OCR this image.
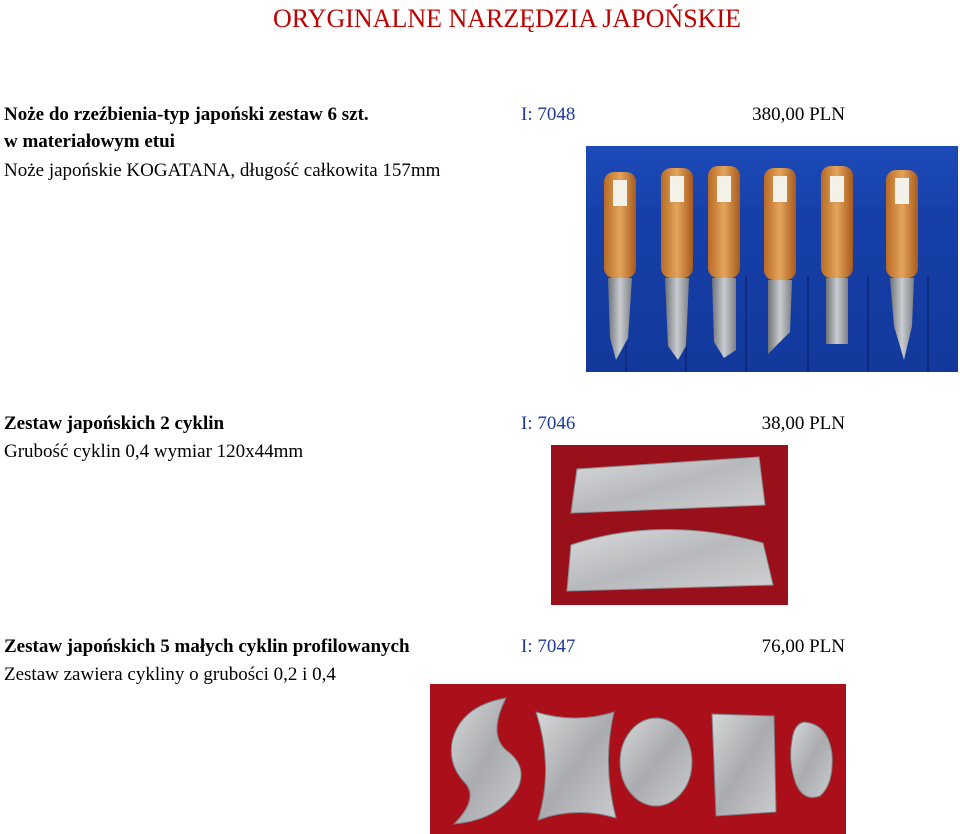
ORYGINALNE NARZĘDZIA JAPOŃSKIE
Noże do rzeźbienia-typ japoński zestaw 6 szt.	I: 7048	380,00 PLN
w materiałowym etui
Noże japońskie KOGATANA, długość całkowita 157mm
Zestaw japońskich 2 cyklin	I: 7046	38,00 PLN
Grubość cyklin 0,4 wymiar 120x44mm
Zestaw japońskich 5 małych cyklin profilowanych	I: 7047	76,00 PLN
Zestaw zawiera cykliny o grubości 0,2 i 0,4
